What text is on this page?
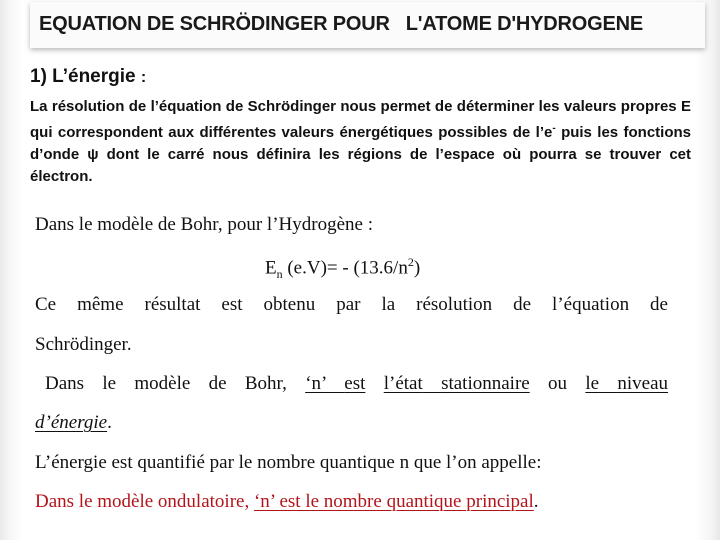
EQUATION DE SCHRÖDINGER POUR   L'ATOME D'HYDROGENE
1) L’énergie :
La résolution de l’équation de Schrödinger nous permet de déterminer les valeurs propres E qui correspondent aux différentes valeurs énergétiques possibles de l’e- puis les fonctions d’onde ψ dont le carré nous définira les régions de l’espace où pourra se trouver cet électron.
Dans le modèle de Bohr, pour l’Hydrogène :
$E_n$ $(e.V)= - (13.6/n^2)$
Ce même résultat est obtenu par la résolution de l’équation de
Schrödinger.
Dans le modèle de Bohr, ‘n’ est l’état stationnaire ou le niveau
d’énergie.
L’énergie est quantifié par le nombre quantique n que l’on appelle:
Dans le modèle ondulatoire, ‘n’ est le nombre quantique principal.
